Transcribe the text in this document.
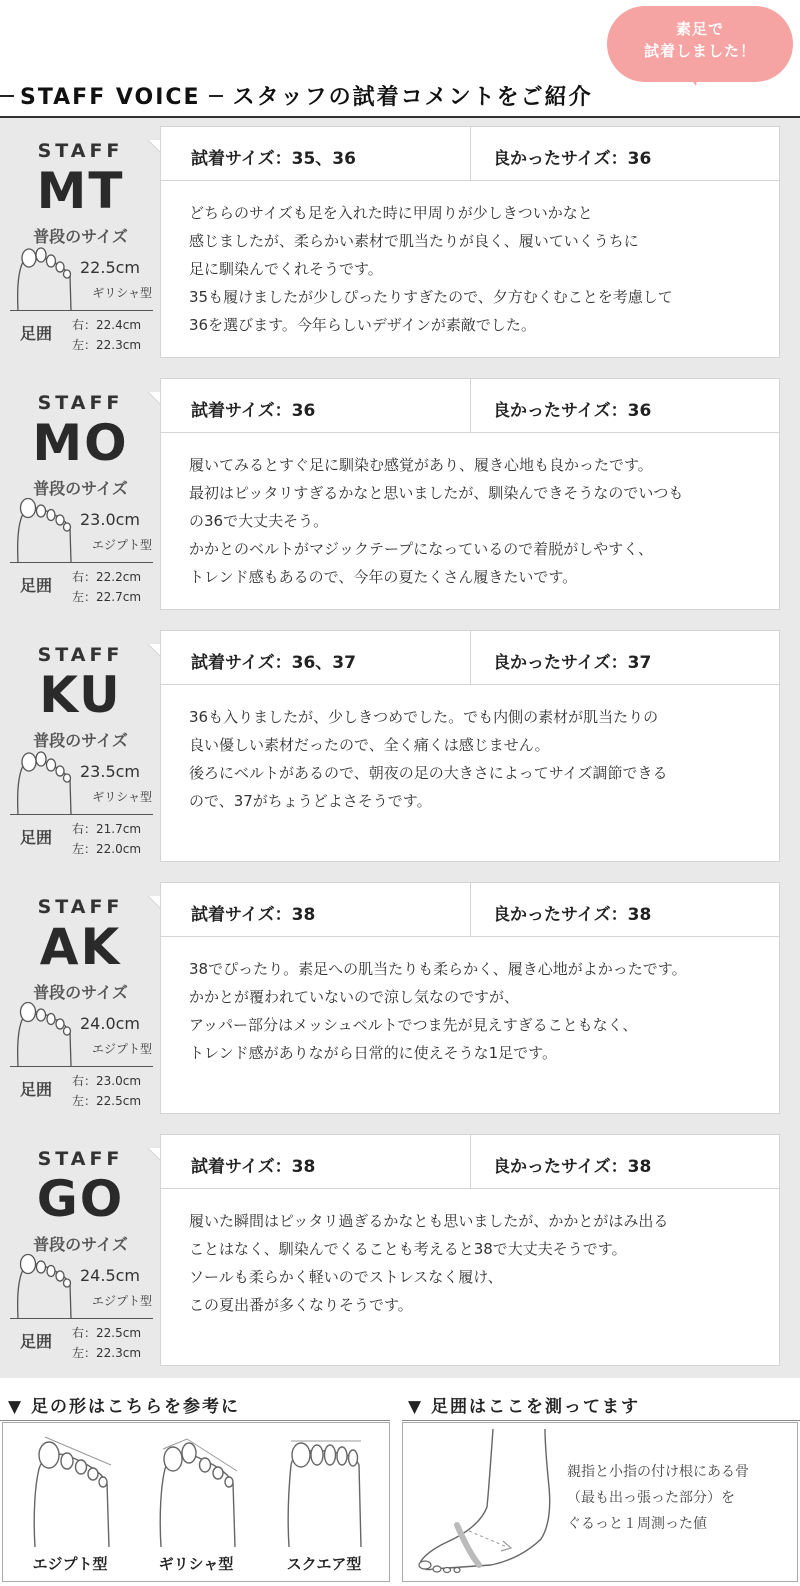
素足で
試着しました！
STAFF VOICE スタッフの試着コメントをご紹介
STAFF
MT
普段のサイズ
22.5cm
ギリシャ型
足囲 右：22.4cm
左：22.3cm
試着サイズ：35、36	良かったサイズ：36
どちらのサイズも足を入れた時に甲周りが少しきついかなと
感じましたが、柔らかい素材で肌当たりが良く、履いていくうちに
足に馴染んでくれそうです。
35も履けましたが少しぴったりすぎたので、夕方むくむことを考慮して
36を選びます。今年らしいデザインが素敵でした。
STAFF
MO
普段のサイズ
23.0cm
エジプト型
足囲 右：22.2cm
左：22.7cm
試着サイズ：36	良かったサイズ：36
履いてみるとすぐ足に馴染む感覚があり、履き心地も良かったです。
最初はピッタリすぎるかなと思いましたが、馴染んできそうなのでいつも
の36で大丈夫そう。
かかとのベルトがマジックテープになっているので着脱がしやすく、
トレンド感もあるので、今年の夏たくさん履きたいです。
STAFF
KU
普段のサイズ
23.5cm
ギリシャ型
足囲 右：21.7cm
左：22.0cm
試着サイズ：36、37	良かったサイズ：37
36も入りましたが、少しきつめでした。でも内側の素材が肌当たりの
良い優しい素材だったので、全く痛くは感じません。
後ろにベルトがあるので、朝夜の足の大きさによってサイズ調節できる
ので、37がちょうどよさそうです。
STAFF
AK
普段のサイズ
24.0cm
エジプト型
足囲 右：23.0cm
左：22.5cm
試着サイズ：38	良かったサイズ：38
38でぴったり。素足への肌当たりも柔らかく、履き心地がよかったです。
かかとが覆われていないので涼し気なのですが、
アッパー部分はメッシュベルトでつま先が見えすぎることもなく、
トレンド感がありながら日常的に使えそうな1足です。
STAFF
GO
普段のサイズ
24.5cm
エジプト型
足囲 右：22.5cm
左：22.3cm
試着サイズ：38	良かったサイズ：38
履いた瞬間はピッタリ過ぎるかなとも思いましたが、かかとがはみ出る
ことはなく、馴染んでくることも考えると38で大丈夫そうです。
ソールも柔らかく軽いのでストレスなく履け、
この夏出番が多くなりそうです。
▼ 足の形はこちらを参考に	▼ 足囲はここを測ってます
エジプト型	ギリシャ型	スクエア型
親指と小指の付け根にある骨
（最も出っ張った部分）を
ぐるっと１周測った値
